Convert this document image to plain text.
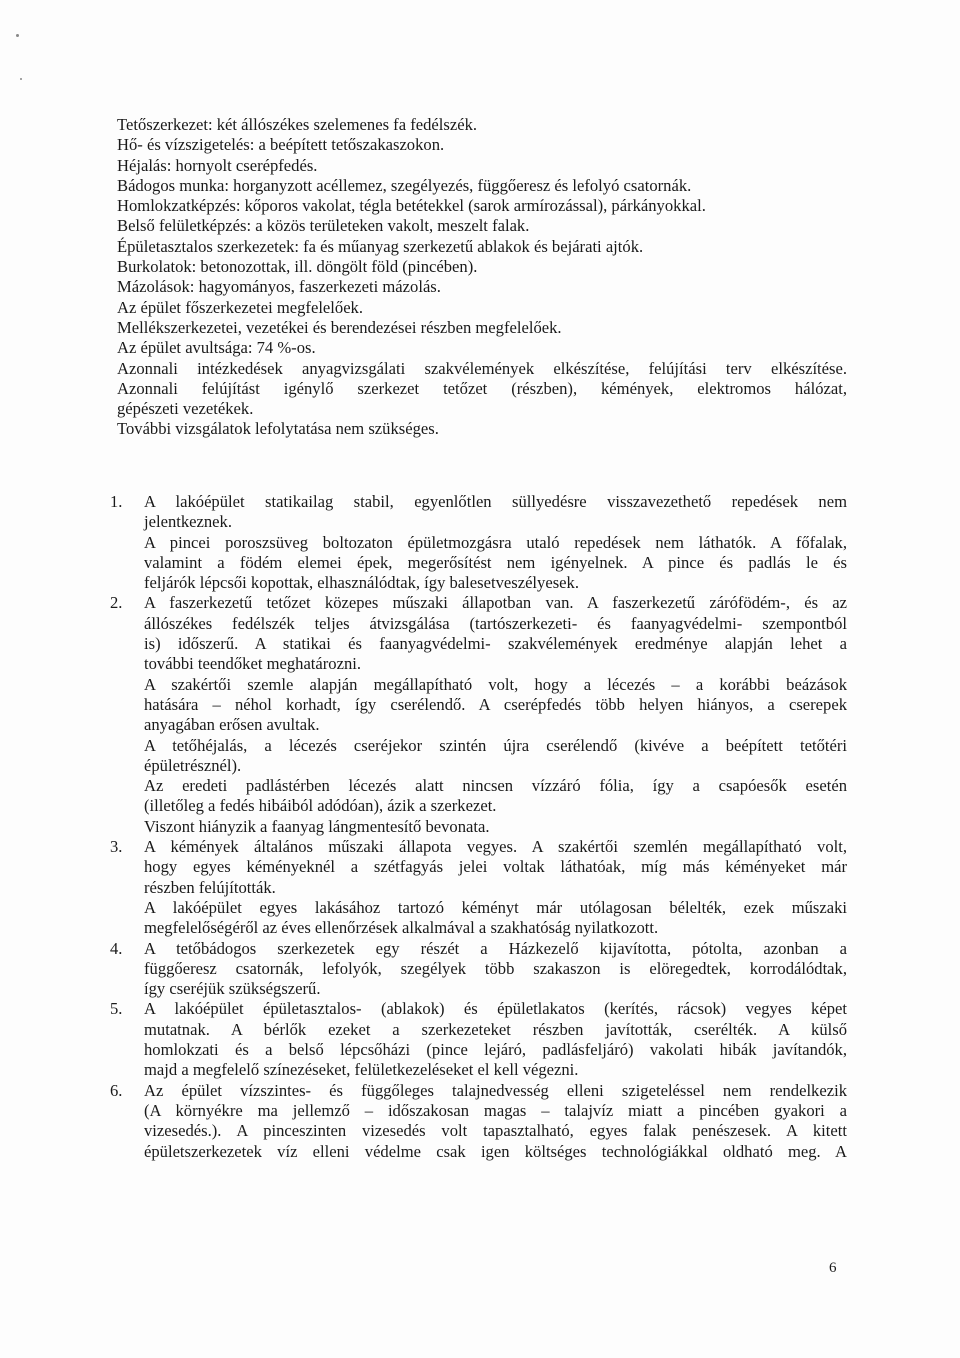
Tetőszerkezet: két állószékes szelemenes fa fedélszék.
Hő- és vízszigetelés: a beépített tetőszakaszokon.
Héjalás: hornyolt cserépfedés.
Bádogos munka: horganyzott acéllemez, szegélyezés, függőeresz és lefolyó csatornák.
Homlokzatképzés: kőporos vakolat, tégla betétekkel (sarok armírozással), párkányokkal.
Belső felületképzés: a közös területeken vakolt, meszelt falak.
Épületasztalos szerkezetek: fa és műanyag szerkezetű ablakok és bejárati ajtók.
Burkolatok: betonozottak, ill. döngölt föld (pincében).
Mázolások: hagyományos, faszerkezeti mázolás.
Az épület főszerkezetei megfelelőek.
Mellékszerkezetei, vezetékei és berendezései részben megfelelőek.
Az épület avultsága: 74 %-os.
Azonnali intézkedések anyagvizsgálati szakvélemények elkészítése, felújítási terv elkészítése.
Azonnali felújítást igénylő szerkezet tetőzet (részben), kémények, elektromos hálózat,
gépészeti vezetékek.
További vizsgálatok lefolytatása nem szükséges.
1.	A lakóépület statikailag stabil, egyenlőtlen süllyedésre visszavezethető repedések nem
jelentkeznek.
A pincei poroszsüveg boltozaton épületmozgásra utaló repedések nem láthatók. A főfalak,
valamint a födém elemei épek, megerősítést nem igényelnek. A pince és padlás le és
feljárók lépcsői kopottak, elhasználódtak, így balesetveszélyesek.
2.	A faszerkezetű tetőzet közepes műszaki állapotban van. A faszerkezetű zárófödém-, és az
állószékes fedélszék teljes átvizsgálása (tartószerkezeti- és faanyagvédelmi- szempontból
is) időszerű. A statikai és faanyagvédelmi- szakvélemények eredménye alapján lehet a
további teendőket meghatározni.
A szakértői szemle alapján megállapítható volt, hogy a lécezés – a korábbi beázások
hatására – néhol korhadt, így cserélendő. A cserépfedés több helyen hiányos, a cserepek
anyagában erősen avultak.
A tetőhéjalás, a lécezés cseréjekor szintén újra cserélendő (kivéve a beépített tetőtéri
épületrésznél).
Az eredeti padlástérben lécezés alatt nincsen vízzáró fólia, így a csapóesők esetén
(illetőleg a fedés hibáiból adódóan), ázik a szerkezet.
Viszont hiányzik a faanyag lángmentesítő bevonata.
3.	A kémények általános műszaki állapota vegyes. A szakértői szemlén megállapítható volt,
hogy egyes kéményeknél a szétfagyás jelei voltak láthatóak, míg más kéményeket már
részben felújították.
A lakóépület egyes lakásához tartozó kéményt már utólagosan bélelték, ezek műszaki
megfelelőségéről az éves ellenőrzések alkalmával a szakhatóság nyilatkozott.
4.	A tetőbádogos szerkezetek egy részét a Házkezelő kijavította, pótolta, azonban a
függőeresz csatornák, lefolyók, szegélyek több szakaszon is elöregedtek, korrodálódtak,
így cseréjük szükségszerű.
5.	A lakóépület épületasztalos- (ablakok) és épületlakatos (kerítés, rácsok) vegyes képet
mutatnak. A bérlők ezeket a szerkezeteket részben javították, cserélték. A külső
homlokzati és a belső lépcsőházi (pince lejáró, padlásfeljáró) vakolati hibák javítandók,
majd a megfelelő színezéseket, felületkezeléseket el kell végezni.
6.	Az épület vízszintes- és függőleges talajnedvesség elleni szigeteléssel nem rendelkezik
(A környékre ma jellemző – időszakosan magas – talajvíz miatt a pincében gyakori a
vizesedés.). A pinceszinten vizesedés volt tapasztalható, egyes falak penészesek. A kitett
épületszerkezetek víz elleni védelme csak igen költséges technológiákkal oldható meg. A
6
